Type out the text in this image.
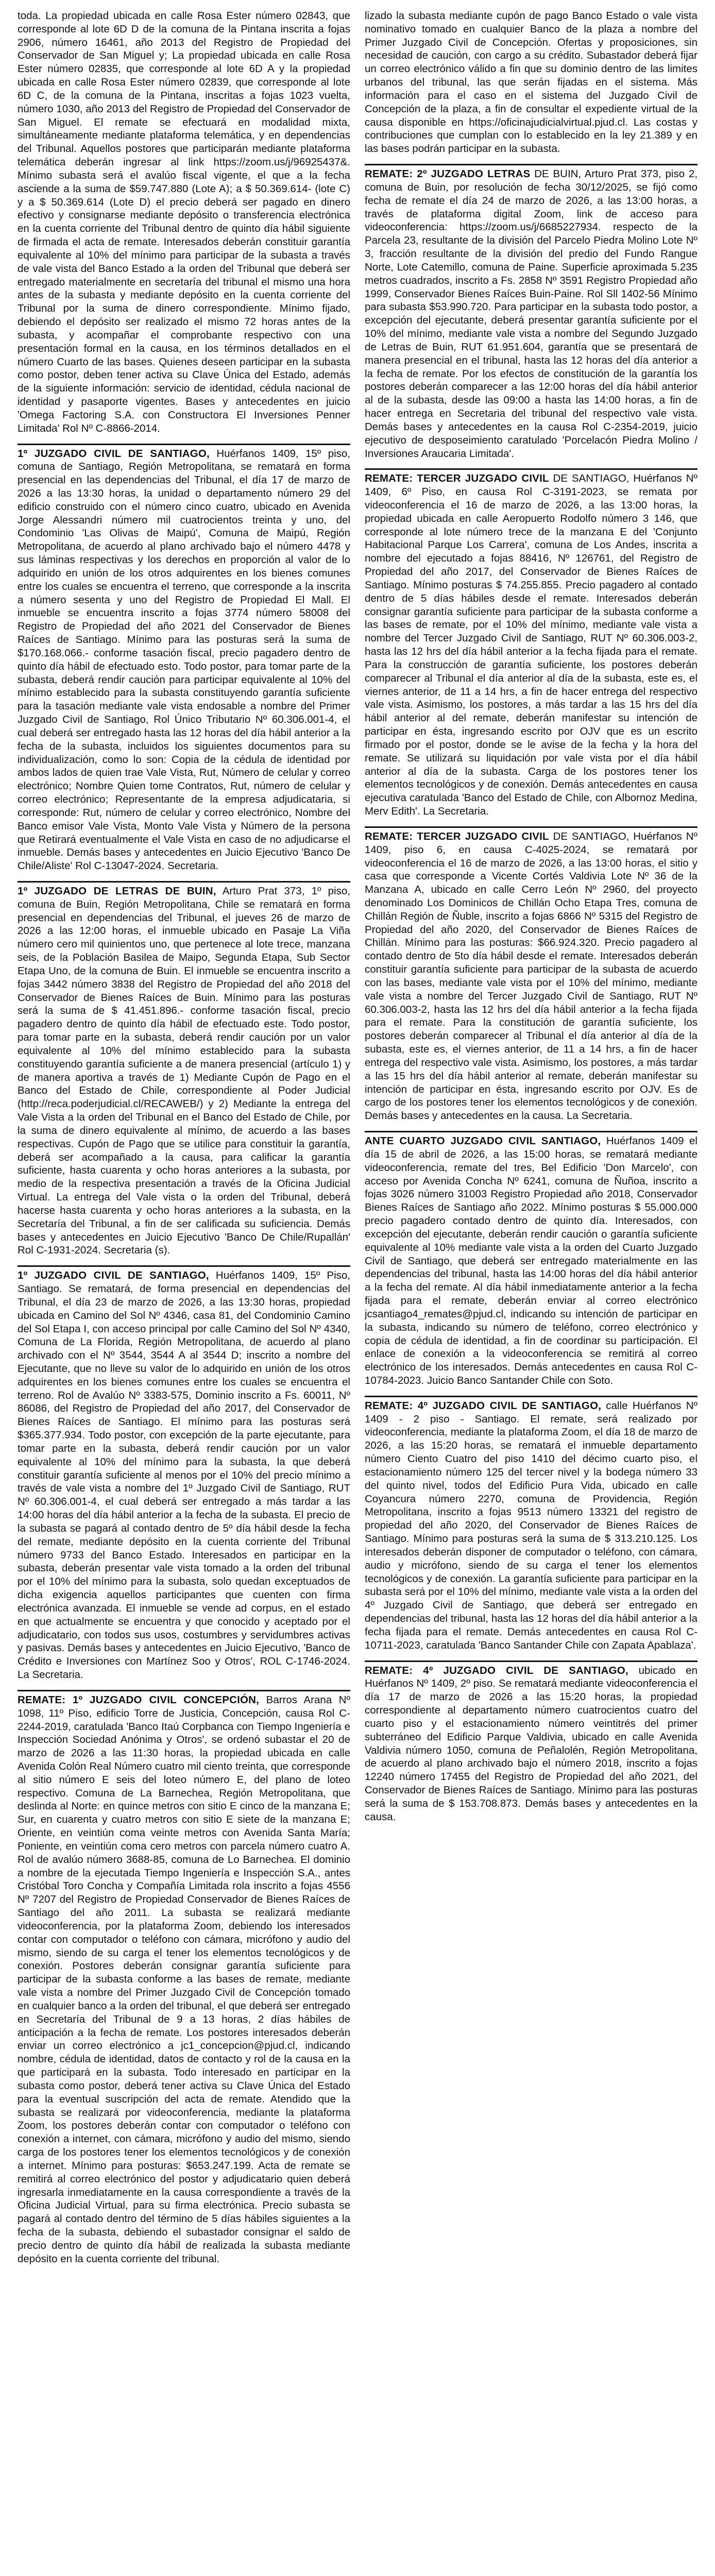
toda. La propiedad ubicada en calle Rosa Ester número 02843, que corresponde al lote 6D D de la comuna de la Pintana inscrita a fojas 2906, número 16461, año 2013 del Registro de Propiedad del Conservador de San Miguel y; La propiedad ubicada en calle Rosa Ester número 02835, que corresponde al lote 6D A y la propiedad ubicada en calle Rosa Ester número 02839, que corresponde al lote 6D C, de la comuna de la Pintana, inscritas a fojas 1023 vuelta, número 1030, año 2013 del Registro de Propiedad del Conservador de San Miguel. El remate se efectuará en modalidad mixta, simultáneamente mediante plataforma telemática, y en dependencias del Tribunal. Aquellos postores que participarán mediante plataforma telemática deberán ingresar al link https://zoom.us/j/96925437&. Mínimo subasta será el avalúo fiscal vigente, el que a la fecha asciende a la suma de $59.747.880 (Lote A); a $ 50.369.614- (lote C) y a $ 50.369.614 (Lote D) el precio deberá ser pagado en dinero efectivo y consignarse mediante depósito o transferencia electrónica en la cuenta corriente del Tribunal dentro de quinto día hábil siguiente de firmada el acta de remate. Interesados deberán constituir garantía equivalente al 10% del mínimo para participar de la subasta a través de vale vista del Banco Estado a la orden del Tribunal que deberá ser entregado materialmente en secretaría del tribunal el mismo una hora antes de la subasta y mediante depósito en la cuenta corriente del Tribunal por la suma de dinero correspondiente. Mínimo fijado, debiendo el depósito ser realizado el mismo 72 horas antes de la subasta, y acompañar el comprobante respectivo con una presentación formal en la causa, en los términos detallados en el número Cuarto de las bases. Quienes deseen participar en la subasta como postor, deben tener activa su Clave Única del Estado, además de la siguiente información: servicio de identidad, cédula nacional de identidad y pasaporte vigentes. Bases y antecedentes en juicio 'Omega Factoring S.A. con Constructora El Inversiones Penner Limitada' Rol Nº C-8866-2014.

1º JUZGADO CIVIL DE SANTIAGO, Huérfanos 1409, 15º piso, comuna de Santiago, Región Metropolitana, se rematará en forma presencial en las dependencias del Tribunal, el día 17 de marzo de 2026 a las 13:30 horas, la unidad o departamento número 29 del edificio construido con el número cinco cuatro, ubicado en Avenida Jorge Alessandri número mil cuatrocientos treinta y uno, del Condominio 'Las Olivas de Maipú', Comuna de Maipú, Región Metropolitana, de acuerdo al plano archivado bajo el número 4478 y sus láminas respectivas y los derechos en proporción al valor de lo adquirido en unión de los otros adquirentes en los bienes comunes entre los cuales se encuentra el terreno, que corresponde a la inscrita a número sesenta y uno del Registro de Propiedad El Mall. El inmueble se encuentra inscrito a fojas 3774 número 58008 del Registro de Propiedad del año 2021 del Conservador de Bienes Raíces de Santiago. Mínimo para las posturas será la suma de $170.168.066.- conforme tasación fiscal, precio pagadero dentro de quinto día hábil de efectuado esto. Todo postor, para tomar parte de la subasta, deberá rendir caución para participar equivalente al 10% del mínimo establecido para la subasta constituyendo garantía suficiente para la tasación mediante vale vista endosable a nombre del Primer Juzgado Civil de Santiago, Rol Único Tributario Nº 60.306.001-4, el cual deberá ser entregado hasta las 12 horas del día hábil anterior a la fecha de la subasta, incluidos los siguientes documentos para su individualización, como lo son: Copia de la cédula de identidad por ambos lados de quien trae Vale Vista, Rut, Número de celular y correo electrónico; Nombre Quien tome Contratos, Rut, número de celular y correo electrónico; Representante de la empresa adjudicataria, si corresponde: Rut, número de celular y correo electrónico, Nombre del Banco emisor Vale Vista, Monto Vale Vista y Número de la persona que Retirará eventualmente el Vale Vista en caso de no adjudicarse el inmueble. Demás bases y antecedentes en Juicio Ejecutivo 'Banco De Chile/Aliste' Rol C-13047-2024. Secretaria.

1º JUZGADO DE LETRAS DE BUIN, Arturo Prat 373, 1º piso, comuna de Buin, Región Metropolitana, Chile se rematará en forma presencial en dependencias del Tribunal, el jueves 26 de marzo de 2026 a las 12:00 horas, el inmueble ubicado en Pasaje La Viña número cero mil quinientos uno, que pertenece al lote trece, manzana seis, de la Población Basilea de Maipo, Segunda Etapa, Sub Sector Etapa Uno, de la comuna de Buin. El inmueble se encuentra inscrito a fojas 3442 número 3838 del Registro de Propiedad del año 2018 del Conservador de Bienes Raíces de Buin. Mínimo para las posturas será la suma de $ 41.451.896.- conforme tasación fiscal, precio pagadero dentro de quinto día hábil de efectuado este. Todo postor, para tomar parte en la subasta, deberá rendir caución por un valor equivalente al 10% del mínimo establecido para la subasta constituyendo garantía suficiente a de manera presencial (artículo 1) y de manera aportiva a través de 1) Mediante Cupón de Pago en el Banco del Estado de Chile, correspondiente al Poder Judicial (http://reca.poderjudicial.cl/RECAWEB/) y 2) Mediante la entrega del Vale Vista a la orden del Tribunal en el Banco del Estado de Chile, por la suma de dinero equivalente al mínimo, de acuerdo a las bases respectivas. Cupón de Pago que se utilice para constituir la garantía, deberá ser acompañado a la causa, para calificar la garantía suficiente, hasta cuarenta y ocho horas anteriores a la subasta, por medio de la respectiva presentación a través de la Oficina Judicial Virtual. La entrega del Vale vista o la orden del Tribunal, deberá hacerse hasta cuarenta y ocho horas anteriores a la subasta, en la Secretaría del Tribunal, a fin de ser calificada su suficiencia. Demás bases y antecedentes en Juicio Ejecutivo 'Banco De Chile/Rupallán' Rol C-1931-2024. Secretaria (s).

1º JUZGADO CIVIL DE SANTIAGO, Huérfanos 1409, 15º Piso, Santiago. Se rematará, de forma presencial en dependencias del Tribunal, el día 23 de marzo de 2026, a las 13:30 horas, propiedad ubicada en Camino del Sol Nº 4346, casa 81, del Condominio Camino del Sol Etapa I, con acceso principal por calle Camino del Sol Nº 4340, Comuna de La Florida, Región Metropolitana, de acuerdo al plano archivado con el Nº 3544, 3544 A al 3544 D; inscrito a nombre del Ejecutante, que no lleve su valor de lo adquirido en unión de los otros adquirentes en los bienes comunes entre los cuales se encuentra el terreno. Rol de Avalúo Nº 3383-575, Dominio inscrito a Fs. 60011, Nº 86086, del Registro de Propiedad del año 2017, del Conservador de Bienes Raíces de Santiago. El mínimo para las posturas será $365.377.934. Todo postor, con excepción de la parte ejecutante, para tomar parte en la subasta, deberá rendir caución por un valor equivalente al 10% del mínimo para la subasta, la que deberá constituir garantía suficiente al menos por el 10% del precio mínimo a través de vale vista a nombre del 1º Juzgado Civil de Santiago, RUT Nº 60.306.001-4, el cual deberá ser entregado a más tardar a las 14:00 horas del día hábil anterior a la fecha de la subasta. El precio de la subasta se pagará al contado dentro de 5º día hábil desde la fecha del remate, mediante depósito en la cuenta corriente del Tribunal número 9733 del Banco Estado. Interesados en participar en la subasta, deberán presentar vale vista tomado a la orden del tribunal por el 10% del mínimo para la subasta, solo quedan exceptuados de dicha exigencia aquellos participantes que cuenten con firma electrónica avanzada. El inmueble se vende ad corpus, en el estado en que actualmente se encuentra y que conocido y aceptado por el adjudicatario, con todos sus usos, costumbres y servidumbres activas y pasivas. Demás bases y antecedentes en Juicio Ejecutivo, 'Banco de Crédito e Inversiones con Martínez Soo y Otros', ROL C-1746-2024. La Secretaria.

REMATE: 1º JUZGADO CIVIL CONCEPCIÓN, Barros Arana Nº 1098, 11º Piso, edificio Torre de Justicia, Concepción, causa Rol C-2244-2019, caratulada 'Banco Itaú Corpbanca con Tiempo Ingeniería e Inspección Sociedad Anónima y Otros', se ordenó subastar el 20 de marzo de 2026 a las 11:30 horas, la propiedad ubicada en calle Avenida Colón Real Número cuatro mil ciento treinta, que corresponde al sitio número E seis del loteo número E, del plano de loteo respectivo. Comuna de La Barnechea, Región Metropolitana, que deslinda al Norte: en quince metros con sitio E cinco de la manzana E; Sur, en cuarenta y cuatro metros con sitio E siete de la manzana E; Oriente, en veintiún coma veinte metros con Avenida Santa María; Poniente, en veintiún coma cero metros con parcela número cuatro A. Rol de avalúo número 3688-85, comuna de Lo Barnechea. El dominio a nombre de la ejecutada Tiempo Ingeniería e Inspección S.A., antes Cristóbal Toro Concha y Compañía Limitada rola inscrito a fojas 4556 Nº 7207 del Registro de Propiedad Conservador de Bienes Raíces de Santiago del año 2011. La subasta se realizará mediante videoconferencia, por la plataforma Zoom, debiendo los interesados contar con computador o teléfono con cámara, micrófono y audio del mismo, siendo de su carga el tener los elementos tecnológicos y de conexión. Postores deberán consignar garantía suficiente para participar de la subasta conforme a las bases de remate, mediante vale vista a nombre del Primer Juzgado Civil de Concepción tomado en cualquier banco a la orden del tribunal, el que deberá ser entregado en Secretaría del Tribunal de 9 a 13 horas, 2 días hábiles de anticipación a la fecha de remate. Los postores interesados deberán enviar un correo electrónico a jc1_concepcion@pjud.cl, indicando nombre, cédula de identidad, datos de contacto y rol de la causa en la que participará en la subasta. Todo interesado en participar en la subasta como postor, deberá tener activa su Clave Única del Estado para la eventual suscripción del acta de remate. Atendido que la subasta se realizará por videoconferencia, mediante la plataforma Zoom, los postores deberán contar con computador o teléfono con conexión a internet, con cámara, micrófono y audio del mismo, siendo carga de los postores tener los elementos tecnológicos y de conexión a internet. Mínimo para posturas: $653.247.199. Acta de remate se remitirá al correo electrónico del postor y adjudicatario quien deberá ingresarla inmediatamente en la causa correspondiente a través de la Oficina Judicial Virtual, para su firma electrónica. Precio subasta se pagará al contado dentro del término de 5 días hábiles siguientes a la fecha de la subasta, debiendo el subastador consignar el saldo de precio dentro de quinto día hábil de realizada la subasta mediante depósito en la cuenta corriente del tribunal.

lizado la subasta mediante cupón de pago Banco Estado o vale vista nominativo tomado en cualquier Banco de la plaza a nombre del Primer Juzgado Civil de Concepción. Ofertas y proposiciones, sin necesidad de caución, con cargo a su crédito. Subastador deberá fijar un correo electrónico válido a fin que su dominio dentro de las limites urbanos del tribunal, las que serán fijadas en el sistema. Más información para el caso en el sistema del Juzgado Civil de Concepción de la plaza, a fin de consultar el expediente virtual de la causa disponible en https://oficinajudicialvirtual.pjud.cl. Las costas y contribuciones que cumplan con lo establecido en la ley 21.389 y en las bases podrán participar en la subasta.

REMATE: 2º JUZGADO LETRAS DE BUIN, Arturo Prat 373, piso 2, comuna de Buin, por resolución de fecha 30/12/2025, se fijó como fecha de remate el día 24 de marzo de 2026, a las 13:00 horas, a través de plataforma digital Zoom, link de acceso para videoconferencia: https://zoom.us/j/6685227934. respecto de la Parcela 23, resultante de la división del Parcelo Piedra Molino Lote Nº 3, fracción resultante de la división del predio del Fundo Rangue Norte, Lote Catemillo, comuna de Paine. Superficie aproximada 5.235 metros cuadrados, inscrito a Fs. 2858 Nº 3591 Registro Propiedad año 1999, Conservador Bienes Raíces Buin-Paine. Rol Sll 1402-56 Mínimo para subasta $53.990.720. Para participar en la subasta todo postor, a excepción del ejecutante, deberá presentar garantía suficiente por el 10% del mínimo, mediante vale vista a nombre del Segundo Juzgado de Letras de Buin, RUT 61.951.604, garantía que se presentará de manera presencial en el tribunal, hasta las 12 horas del día anterior a la fecha de remate. Por los efectos de constitución de la garantía los postores deberán comparecer a las 12:00 horas del día hábil anterior al de la subasta, desde las 09:00 a hasta las 14:00 horas, a fin de hacer entrega en Secretaria del tribunal del respectivo vale vista. Demás bases y antecedentes en la causa Rol C-2354-2019, juicio ejecutivo de desposeimiento caratulado 'Porcelacón Piedra Molino / Inversiones Araucaria Limitada'.

REMATE: TERCER JUZGADO CIVIL DE SANTIAGO, Huérfanos Nº 1409, 6º Piso, en causa Rol C-3191-2023, se remata por videoconferencia el 16 de marzo de 2026, a las 13:00 horas, la propiedad ubicada en calle Aeropuerto Rodolfo número 3 146, que corresponde al lote número trece de la manzana E del 'Conjunto Habitacional Parque Los Carrera', comuna de Los Andes, inscrita a nombre del ejecutado a fojas 88416, Nº 126761, del Registro de Propiedad del año 2017, del Conservador de Bienes Raíces de Santiago. Mínimo posturas $ 74.255.855. Precio pagadero al contado dentro de 5 días hábiles desde el remate. Interesados deberán consignar garantía suficiente para participar de la subasta conforme a las bases de remate, por el 10% del mínimo, mediante vale vista a nombre del Tercer Juzgado Civil de Santiago, RUT Nº 60.306.003-2, hasta las 12 hrs del día hábil anterior a la fecha fijada para el remate. Para la construcción de garantía suficiente, los postores deberán comparecer al Tribunal el día anterior al día de la subasta, este es, el viernes anterior, de 11 a 14 hrs, a fin de hacer entrega del respectivo vale vista. Asimismo, los postores, a más tardar a las 15 hrs del día hábil anterior al del remate, deberán manifestar su intención de participar en ésta, ingresando escrito por OJV que es un escrito firmado por el postor, donde se le avise de la fecha y la hora del remate. Se utilizará su liquidación por vale vista por el día hábil anterior al día de la subasta. Carga de los postores tener los elementos tecnológicos y de conexión. Demás antecedentes en causa ejecutiva caratulada 'Banco del Estado de Chile, con Albornoz Medina, Merv Edith'. La Secretaria.

REMATE: TERCER JUZGADO CIVIL DE SANTIAGO, Huérfanos Nº 1409, piso 6, en causa C-4025-2024, se rematará por videoconferencia el 16 de marzo de 2026, a las 13:00 horas, el sitio y casa que corresponde a Vicente Cortés Valdivia Lote Nº 36 de la Manzana A, ubicado en calle Cerro León Nº 2960, del proyecto denominado Los Dominicos de Chillán Ocho Etapa Tres, comuna de Chillán Región de Ñuble, inscrito a fojas 6866 Nº 5315 del Registro de Propiedad del año 2020, del Conservador de Bienes Raíces de Chillán. Mínimo para las posturas: $66.924.320. Precio pagadero al contado dentro de 5to día hábil desde el remate. Interesados deberán constituir garantía suficiente para participar de la subasta de acuerdo con las bases, mediante vale vista por el 10% del mínimo, mediante vale vista a nombre del Tercer Juzgado Civil de Santiago, RUT Nº 60.306.003-2, hasta las 12 hrs del día hábil anterior a la fecha fijada para el remate. Para la constitución de garantía suficiente, los postores deberán comparecer al Tribunal el día anterior al día de la subasta, este es, el viernes anterior, de 11 a 14 hrs, a fin de hacer entrega del respectivo vale vista. Asimismo, los postores, a más tardar a las 15 hrs del día hábil anterior al remate, deberán manifestar su intención de participar en ésta, ingresando escrito por OJV. Es de cargo de los postores tener los elementos tecnológicos y de conexión. Demás bases y antecedentes en la causa. La Secretaria.

ANTE CUARTO JUZGADO CIVIL SANTIAGO, Huérfanos 1409 el día 15 de abril de 2026, a las 15:00 horas, se rematará mediante videoconferencia, remate del tres, Bel Edificio 'Don Marcelo', con acceso por Avenida Concha Nº 6241, comuna de Ñuñoa, inscrito a fojas 3026 número 31003 Registro Propiedad año 2018, Conservador Bienes Raíces de Santiago año 2022. Mínimo posturas $ 55.000.000 precio pagadero contado dentro de quinto día. Interesados, con excepción del ejecutante, deberán rendir caución o garantía suficiente equivalente al 10% mediante vale vista a la orden del Cuarto Juzgado Civil de Santiago, que deberá ser entregado materialmente en las dependencias del tribunal, hasta las 14:00 horas del día hábil anterior a la fecha del remate. Al día hábil inmediatamente anterior a la fecha fijada para el remate, deberán enviar al correo electrónico jcsantiago4_remates@pjud.cl, indicando su intención de participar en la subasta, indicando su número de teléfono, correo electrónico y copia de cédula de identidad, a fin de coordinar su participación. El enlace de conexión a la videoconferencia se remitirá al correo electrónico de los interesados. Demás antecedentes en causa Rol C-10784-2023. Juicio Banco Santander Chile con Soto.

REMATE: 4º JUZGADO CIVIL DE SANTIAGO, calle Huérfanos Nº 1409 - 2 piso - Santiago. El remate, será realizado por videoconferencia, mediante la plataforma Zoom, el día 18 de marzo de 2026, a las 15:20 horas, se rematará el inmueble departamento número Ciento Cuatro del piso 1410 del décimo cuarto piso, el estacionamiento número 125 del tercer nivel y la bodega número 33 del quinto nivel, todos del Edificio Pura Vida, ubicado en calle Coyancura número 2270, comuna de Providencia, Región Metropolitana, inscrito a fojas 9513 número 13321 del registro de propiedad del año 2020, del Conservador de Bienes Raíces de Santiago. Mínimo para posturas será la suma de $ 313.210.125. Los interesados deberán disponer de computador o teléfono, con cámara, audio y micrófono, siendo de su carga el tener los elementos tecnológicos y de conexión. La garantía suficiente para participar en la subasta será por el 10% del mínimo, mediante vale vista a la orden del 4º Juzgado Civil de Santiago, que deberá ser entregado en dependencias del tribunal, hasta las 12 horas del día hábil anterior a la fecha fijada para el remate. Demás antecedentes en causa Rol C-10711-2023, caratulada 'Banco Santander Chile con Zapata Apablaza'.

REMATE: 4º JUZGADO CIVIL DE SANTIAGO, ubicado en Huérfanos Nº 1409, 2º piso. Se rematará mediante videoconferencia el día 17 de marzo de 2026 a las 15:20 horas, la propiedad correspondiente al departamento número cuatrocientos cuatro del cuarto piso y el estacionamiento número veintitrés del primer subterráneo del Edificio Parque Valdivia, ubicado en calle Avenida Valdivia número 1050, comuna de Peñalolén, Región Metropolitana, de acuerdo al plano archivado bajo el número 2018, inscrito a fojas 12240 número 17455 del Registro de Propiedad del año 2021, del Conservador de Bienes Raíces de Santiago. Mínimo para las posturas será la suma de $ 153.708.873. Demás bases y antecedentes en la causa.
